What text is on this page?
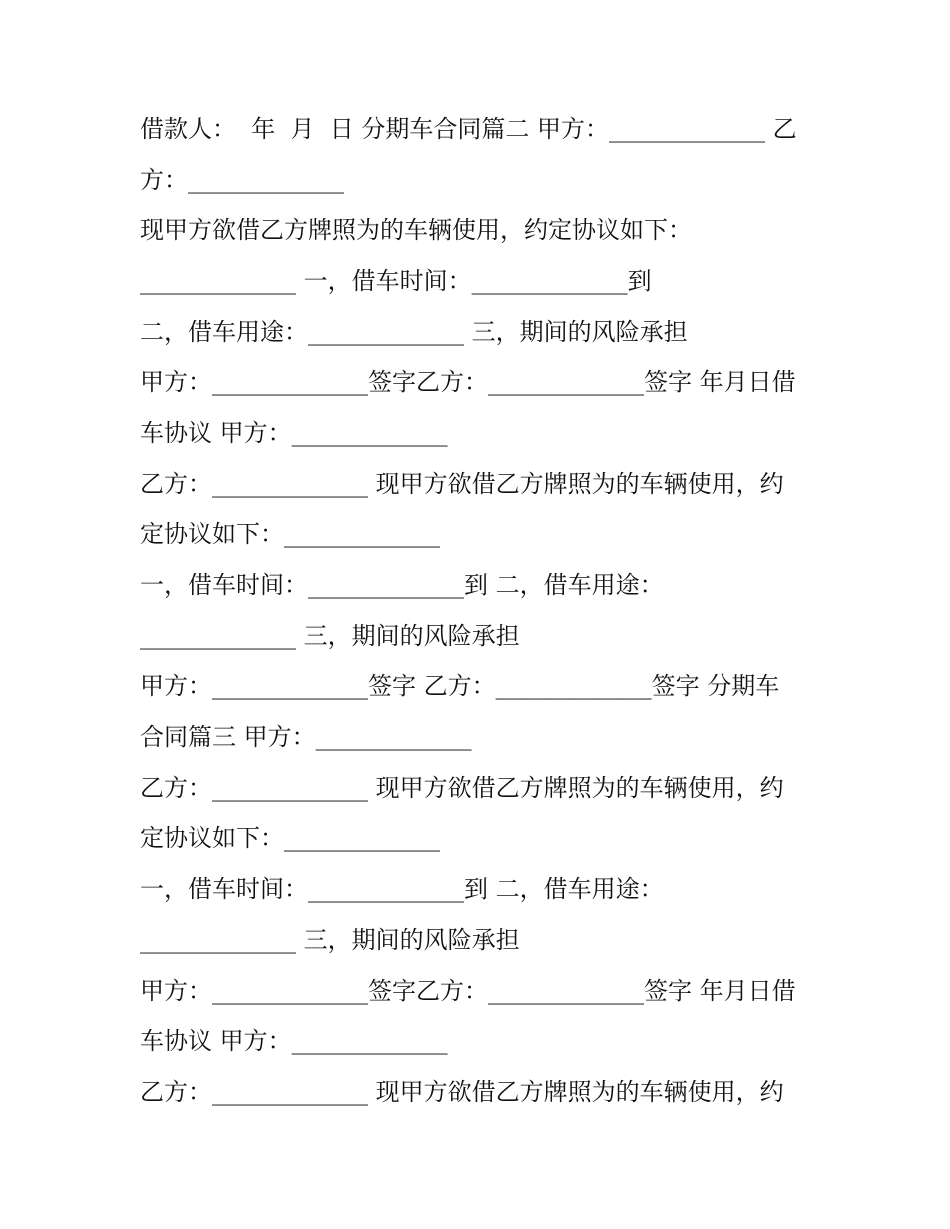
借款人：  年  月  日 分期车合同篇二 甲方：_____________ 乙
方：_____________
现甲方欲借乙方牌照为的车辆使用，约定协议如下：
_____________ 一，借车时间：_____________到
二，借车用途：_____________ 三，期间的风险承担
甲方：_____________签字乙方：_____________签字 年月日借
车协议 甲方：_____________
乙方：_____________ 现甲方欲借乙方牌照为的车辆使用，约
定协议如下：_____________
一，借车时间：_____________到 二，借车用途：
_____________ 三，期间的风险承担
甲方：_____________签字 乙方：_____________签字 分期车
合同篇三 甲方：_____________
乙方：_____________ 现甲方欲借乙方牌照为的车辆使用，约
定协议如下：_____________
一，借车时间：_____________到 二，借车用途：
_____________ 三，期间的风险承担
甲方：_____________签字乙方：_____________签字 年月日借
车协议 甲方：_____________
乙方：_____________ 现甲方欲借乙方牌照为的车辆使用，约
